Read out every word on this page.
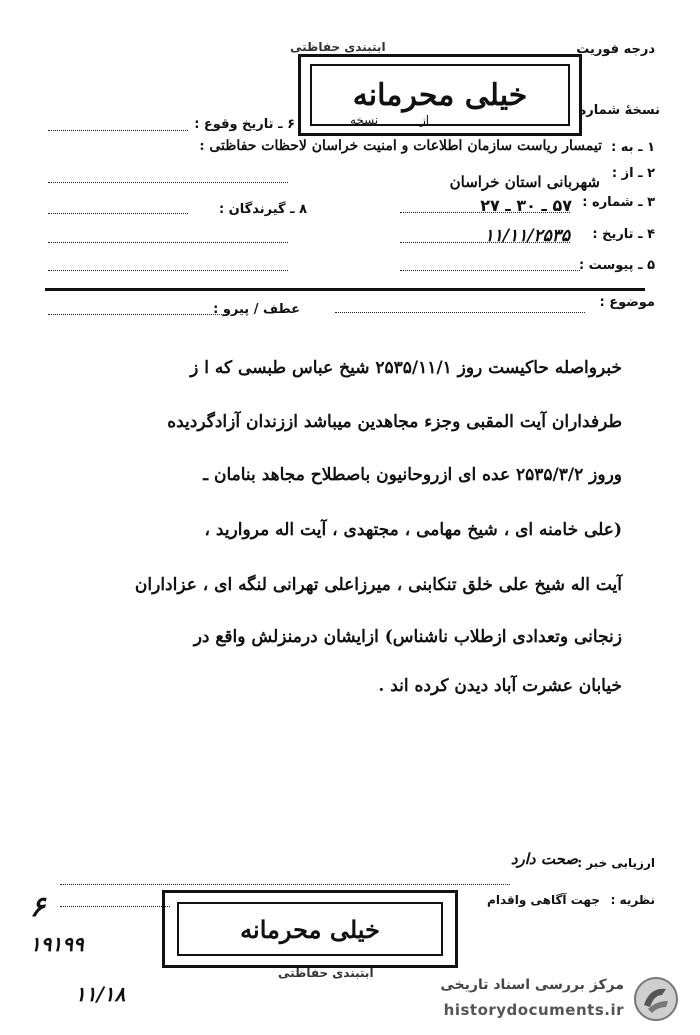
درجه فوریت
ابتبندی حفاظتی
نسخهٔ شماره
از
نسخه
خیلی محرمانه
۱ ـ به :
تیمسار ریاست سازمان اطلاعات و امنیت خراسان لاحظات حفاظتی :
۶ ـ تاریخ وقوع :
۲ ـ از :
شهربانی استان خراسان
۳ ـ شماره :
۵۷ ـ ۳۰ ـ ۲۷
۸ ـ گیرندگان :
۴ ـ تاریخ :
۱۱/۱۱/۲۵۳۵
۵ ـ پیوست :
موضوع :
عطف / پیرو :
خبرواصله حاکیست روز ۲۵۳۵/۱۱/۱ شیخ عباس طبسی که ا ز
طرفداران آیت المقبی وجزء مجاهدین میباشد اززندان آزادگردیده
وروز ۲۵۳۵/۳/۲ عده ای ازروحانیون باصطلاح مجاهد بنامان ـ
(علی خامنه ای ، شیخ مهامی ، مجتهدی ، آیت اله مروارید ،
آیت اله شیخ علی خلق تنکابنی ، میرزاعلی تهرانی لنگه ای ، عزاداران
زنجانی وتعدادی ازطلاب ناشناس) ازایشان درمنزلش واقع در
خیابان عشرت آباد دیدن کرده اند .
ارزیابی خبر :
صحت دارد
نظریه :
جهت آگاهی واقدام
خیلی محرمانه
ابتبندی حفاظتی
۶
۱۹۱۹۹
۱۱/۱۸	مرکز بررسی اسناد تاریخی
historydocuments.ir
